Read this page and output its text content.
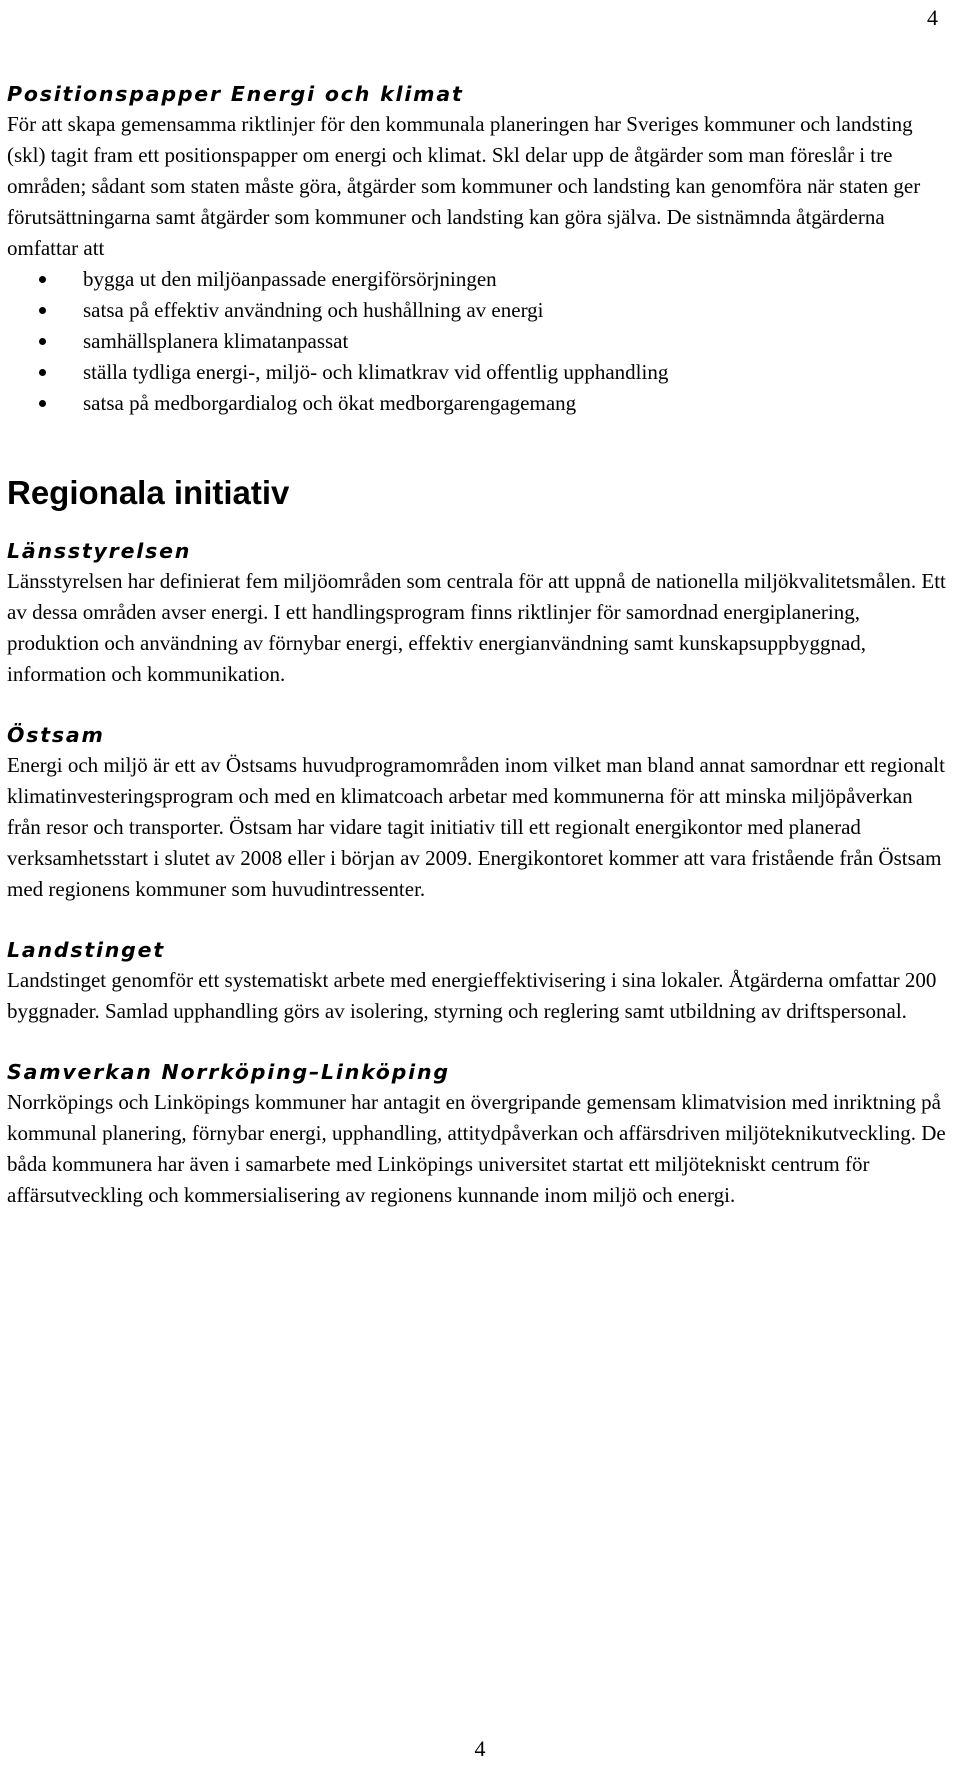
4
Positionspapper Energi och klimat

För att skapa gemensamma riktlinjer för den kommunala planeringen har Sveriges kommuner och landsting (skl) tagit fram ett positionspapper om energi och klimat. Skl delar upp de åtgärder som man föreslår i tre områden; sådant som staten måste göra, åtgärder som kommuner och landsting kan genomföra när staten ger förutsättningarna samt åtgärder som kommuner och landsting kan göra själva. De sistnämnda åtgärderna omfattar att

bygga ut den miljöanpassade energiförsörjningen
satsa på effektiv användning och hushållning av energi
samhällsplanera klimatanpassat
ställa tydliga energi-, miljö- och klimatkrav vid offentlig upphandling
satsa på medborgardialog och ökat medborgarengagemang
Regionala initiativ
Länsstyrelsen

Länsstyrelsen har definierat fem miljöområden som centrala för att uppnå de nationella miljökvalitetsmålen. Ett av dessa områden avser energi. I ett handlingsprogram finns riktlinjer för samordnad energiplanering, produktion och användning av förnybar energi, effektiv energianvändning samt kunskapsuppbyggnad, information och kommunikation.

Östsam

Energi och miljö är ett av Östsams huvudprogramområden inom vilket man bland annat samordnar ett regionalt klimatinvesteringsprogram och med en klimatcoach arbetar med kommunerna för att minska miljöpåverkan från resor och transporter. Östsam har vidare tagit initiativ till ett regionalt energikontor med planerad verksamhetsstart i slutet av 2008 eller i början av 2009. Energikontoret kommer att vara fristående från Östsam med regionens kommuner som huvudintressenter.

Landstinget

Landstinget genomför ett systematiskt arbete med energieffektivisering i sina lokaler. Åtgärderna omfattar 200 byggnader. Samlad upphandling görs av isolering, styrning och reglering samt utbildning av driftspersonal.

Samverkan Norrköping–Linköping

Norrköpings och Linköpings kommuner har antagit en övergripande gemensam klimatvision med inriktning på kommunal planering, förnybar energi, upphandling, attitydpåverkan och affärsdriven miljöteknikutveckling. De båda kommunera har även i samarbete med Linköpings universitet startat ett miljötekniskt centrum för affärsutveckling och kommersialisering av regionens kunnande inom miljö och energi.

4
